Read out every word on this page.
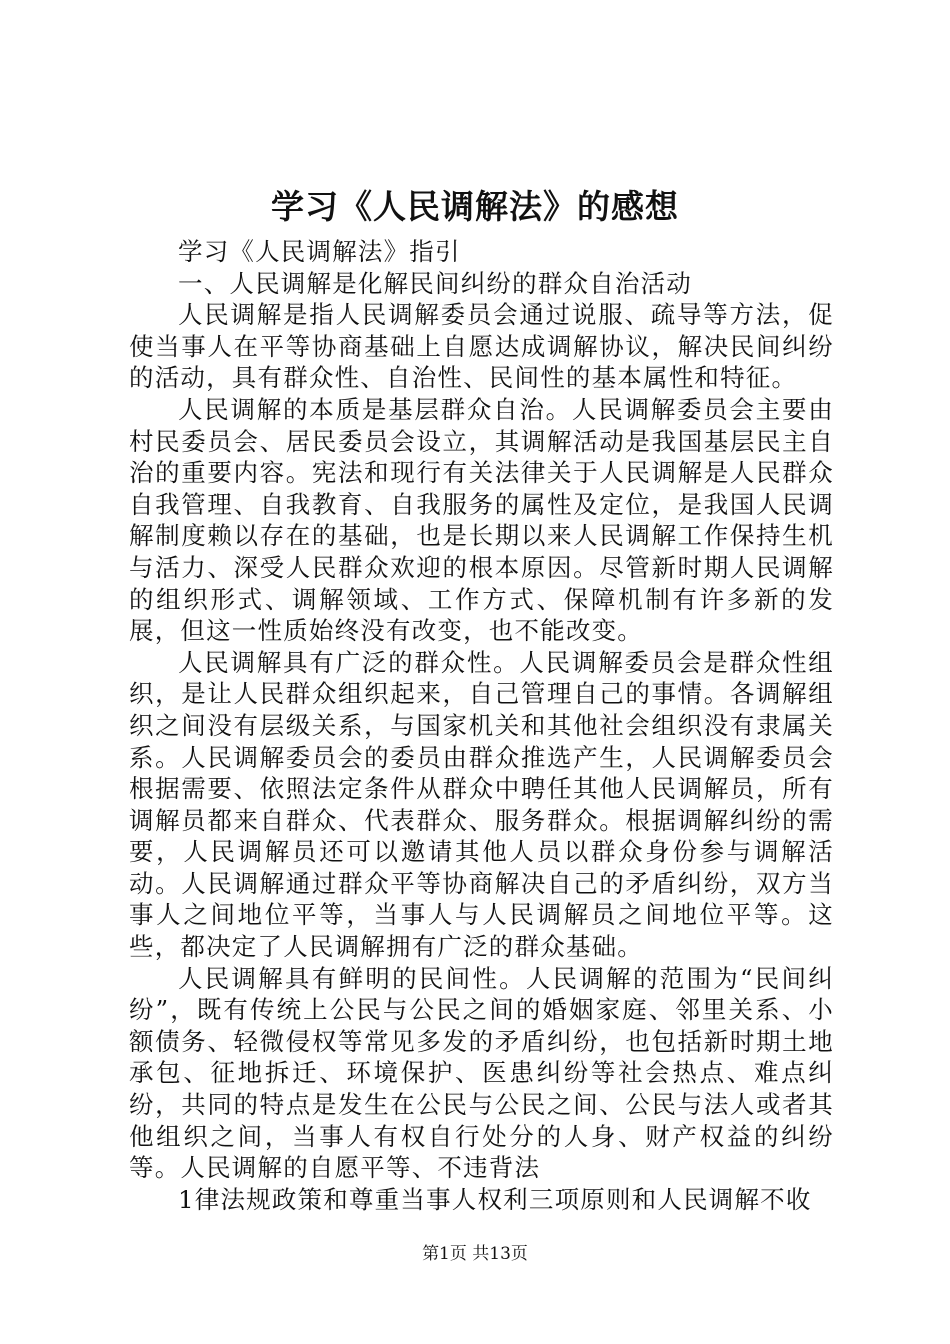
学习《人民调解法》的感想

学习《人民调解法》指引

一、人民调解是化解民间纠纷的群众自治活动

人民调解是指人民调解委员会通过说服、疏导等方法，促使当事人在平等协商基础上自愿达成调解协议，解决民间纠纷的活动，具有群众性、自治性、民间性的基本属性和特征。

人民调解的本质是基层群众自治。人民调解委员会主要由村民委员会、居民委员会设立，其调解活动是我国基层民主自治的重要内容。宪法和现行有关法律关于人民调解是人民群众自我管理、自我教育、自我服务的属性及定位，是我国人民调解制度赖以存在的基础，也是长期以来人民调解工作保持生机与活力、深受人民群众欢迎的根本原因。尽管新时期人民调解的组织形式、调解领域、工作方式、保障机制有许多新的发展，但这一性质始终没有改变，也不能改变。

人民调解具有广泛的群众性。人民调解委员会是群众性组织，是让人民群众组织起来，自己管理自己的事情。各调解组织之间没有层级关系，与国家机关和其他社会组织没有隶属关系。人民调解委员会的委员由群众推选产生，人民调解委员会根据需要、依照法定条件从群众中聘任其他人民调解员，所有调解员都来自群众、代表群众、服务群众。根据调解纠纷的需要，人民调解员还可以邀请其他人员以群众身份参与调解活动。人民调解通过群众平等协商解决自己的矛盾纠纷，双方当事人之间地位平等，当事人与人民调解员之间地位平等。这些，都决定了人民调解拥有广泛的群众基础。

人民调解具有鲜明的民间性。人民调解的范围为“民间纠纷”，既有传统上公民与公民之间的婚姻家庭、邻里关系、小额债务、轻微侵权等常见多发的矛盾纠纷，也包括新时期土地承包、征地拆迁、环境保护、医患纠纷等社会热点、难点纠纷，共同的特点是发生在公民与公民之间、公民与法人或者其他组织之间，当事人有权自行处分的人身、财产权益的纠纷等。人民调解的自愿平等、不违背法

1律法规政策和尊重当事人权利三项原则和人民调解不收

第1页 共13页
